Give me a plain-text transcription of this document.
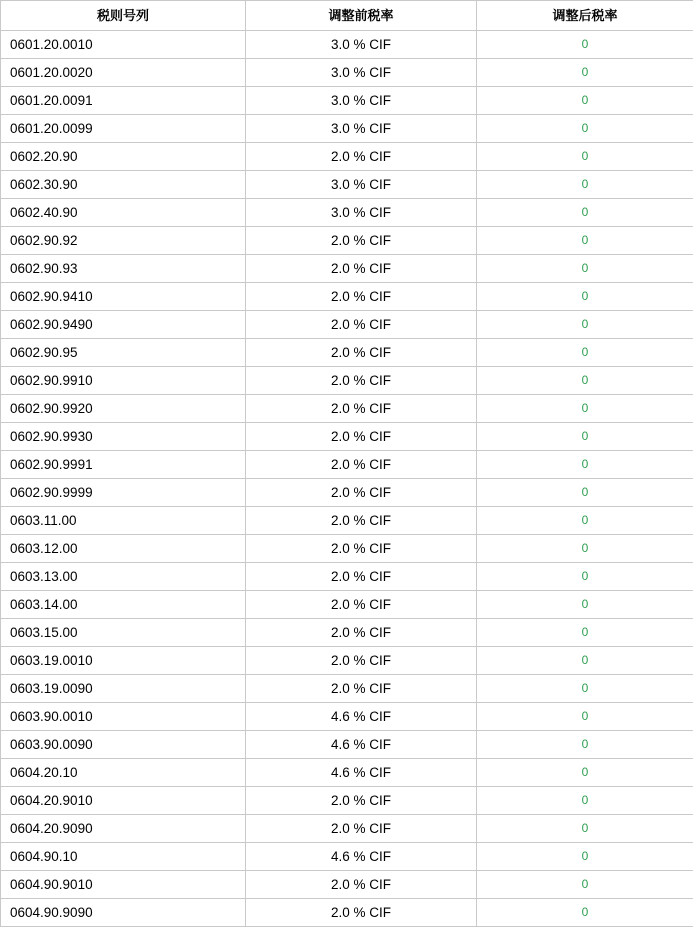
税则号列	调整前税率	调整后税率
0601.20.0010	3.0 % CIF	0
0601.20.0020	3.0 % CIF	0
0601.20.0091	3.0 % CIF	0
0601.20.0099	3.0 % CIF	0
0602.20.90	2.0 % CIF	0
0602.30.90	3.0 % CIF	0
0602.40.90	3.0 % CIF	0
0602.90.92	2.0 % CIF	0
0602.90.93	2.0 % CIF	0
0602.90.9410	2.0 % CIF	0
0602.90.9490	2.0 % CIF	0
0602.90.95	2.0 % CIF	0
0602.90.9910	2.0 % CIF	0
0602.90.9920	2.0 % CIF	0
0602.90.9930	2.0 % CIF	0
0602.90.9991	2.0 % CIF	0
0602.90.9999	2.0 % CIF	0
0603.11.00	2.0 % CIF	0
0603.12.00	2.0 % CIF	0
0603.13.00	2.0 % CIF	0
0603.14.00	2.0 % CIF	0
0603.15.00	2.0 % CIF	0
0603.19.0010	2.0 % CIF	0
0603.19.0090	2.0 % CIF	0
0603.90.0010	4.6 % CIF	0
0603.90.0090	4.6 % CIF	0
0604.20.10	4.6 % CIF	0
0604.20.9010	2.0 % CIF	0
0604.20.9090	2.0 % CIF	0
0604.90.10	4.6 % CIF	0
0604.90.9010	2.0 % CIF	0
0604.90.9090	2.0 % CIF	0
